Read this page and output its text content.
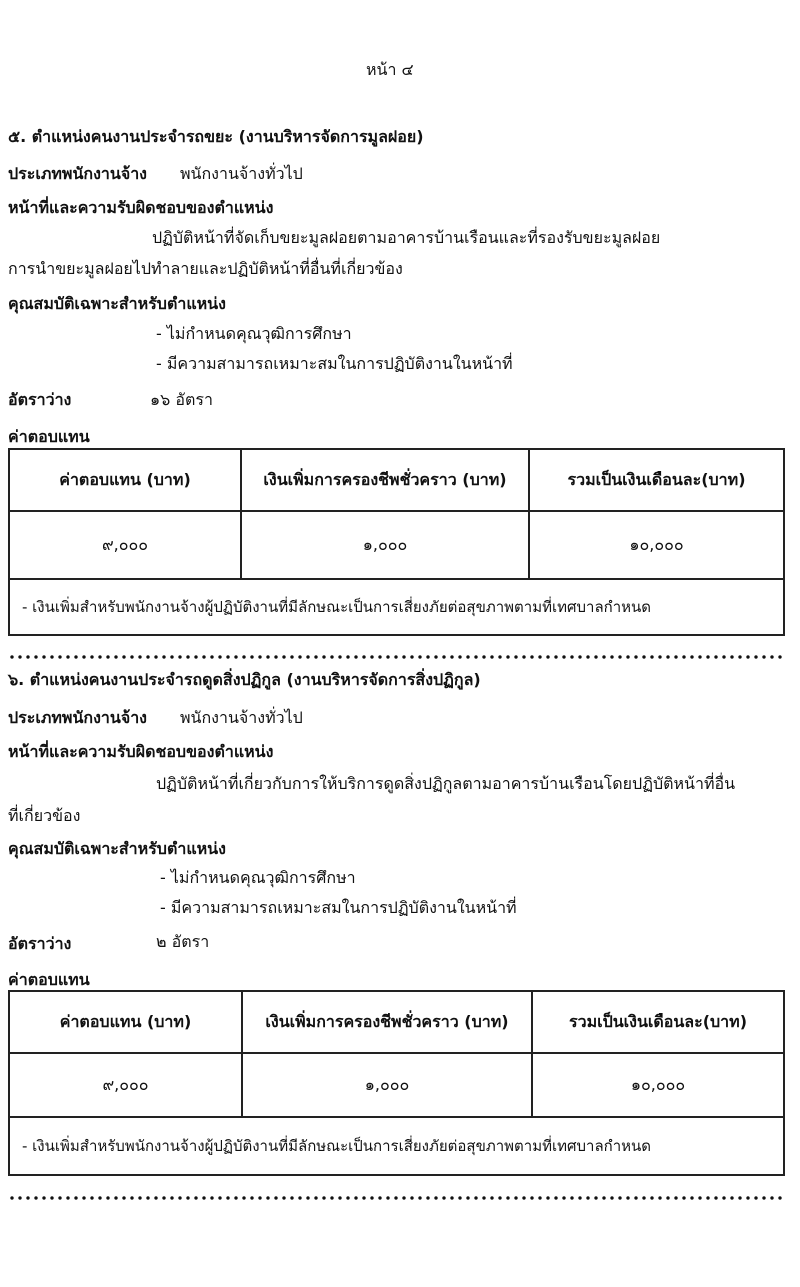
หน้า ๔
๕. ตำแหน่งคนงานประจำรถขยะ (งานบริหารจัดการมูลฝอย)
ประเภทพนักงานจ้าง พนักงานจ้างทั่วไป
หน้าที่และความรับผิดชอบของตำแหน่ง
ปฏิบัติหน้าที่จัดเก็บขยะมูลฝอยตามอาคารบ้านเรือนและที่รองรับขยะมูลฝอย
การนำขยะมูลฝอยไปทำลายและปฏิบัติหน้าที่อื่นที่เกี่ยวข้อง
คุณสมบัติเฉพาะสำหรับตำแหน่ง
- ไม่กำหนดคุณวุฒิการศึกษา
- มีความสามารถเหมาะสมในการปฏิบัติงานในหน้าที่
อัตราว่าง	๑๖ อัตรา
ค่าตอบแทน
ค่าตอบแทน (บาท)	เงินเพิ่มการครองชีพชั่วคราว (บาท)	รวมเป็นเงินเดือนละ(บาท)
๙,๐๐๐	๑,๐๐๐	๑๐,๐๐๐
- เงินเพิ่มสำหรับพนักงานจ้างผู้ปฏิบัติงานที่มีลักษณะเป็นการเสี่ยงภัยต่อสุขภาพตามที่เทศบาลกำหนด		
๖. ตำแหน่งคนงานประจำรถดูดสิ่งปฏิกูล (งานบริหารจัดการสิ่งปฏิกูล)
ประเภทพนักงานจ้าง พนักงานจ้างทั่วไป
หน้าที่และความรับผิดชอบของตำแหน่ง
ปฏิบัติหน้าที่เกี่ยวกับการให้บริการดูดสิ่งปฏิกูลตามอาคารบ้านเรือนโดยปฏิบัติหน้าที่อื่น
ที่เกี่ยวข้อง
คุณสมบัติเฉพาะสำหรับตำแหน่ง
- ไม่กำหนดคุณวุฒิการศึกษา
- มีความสามารถเหมาะสมในการปฏิบัติงานในหน้าที่
อัตราว่าง	๒ อัตรา
ค่าตอบแทน
ค่าตอบแทน (บาท)	เงินเพิ่มการครองชีพชั่วคราว (บาท)	รวมเป็นเงินเดือนละ(บาท)
๙,๐๐๐	๑,๐๐๐	๑๐,๐๐๐
- เงินเพิ่มสำหรับพนักงานจ้างผู้ปฏิบัติงานที่มีลักษณะเป็นการเสี่ยงภัยต่อสุขภาพตามที่เทศบาลกำหนด		
